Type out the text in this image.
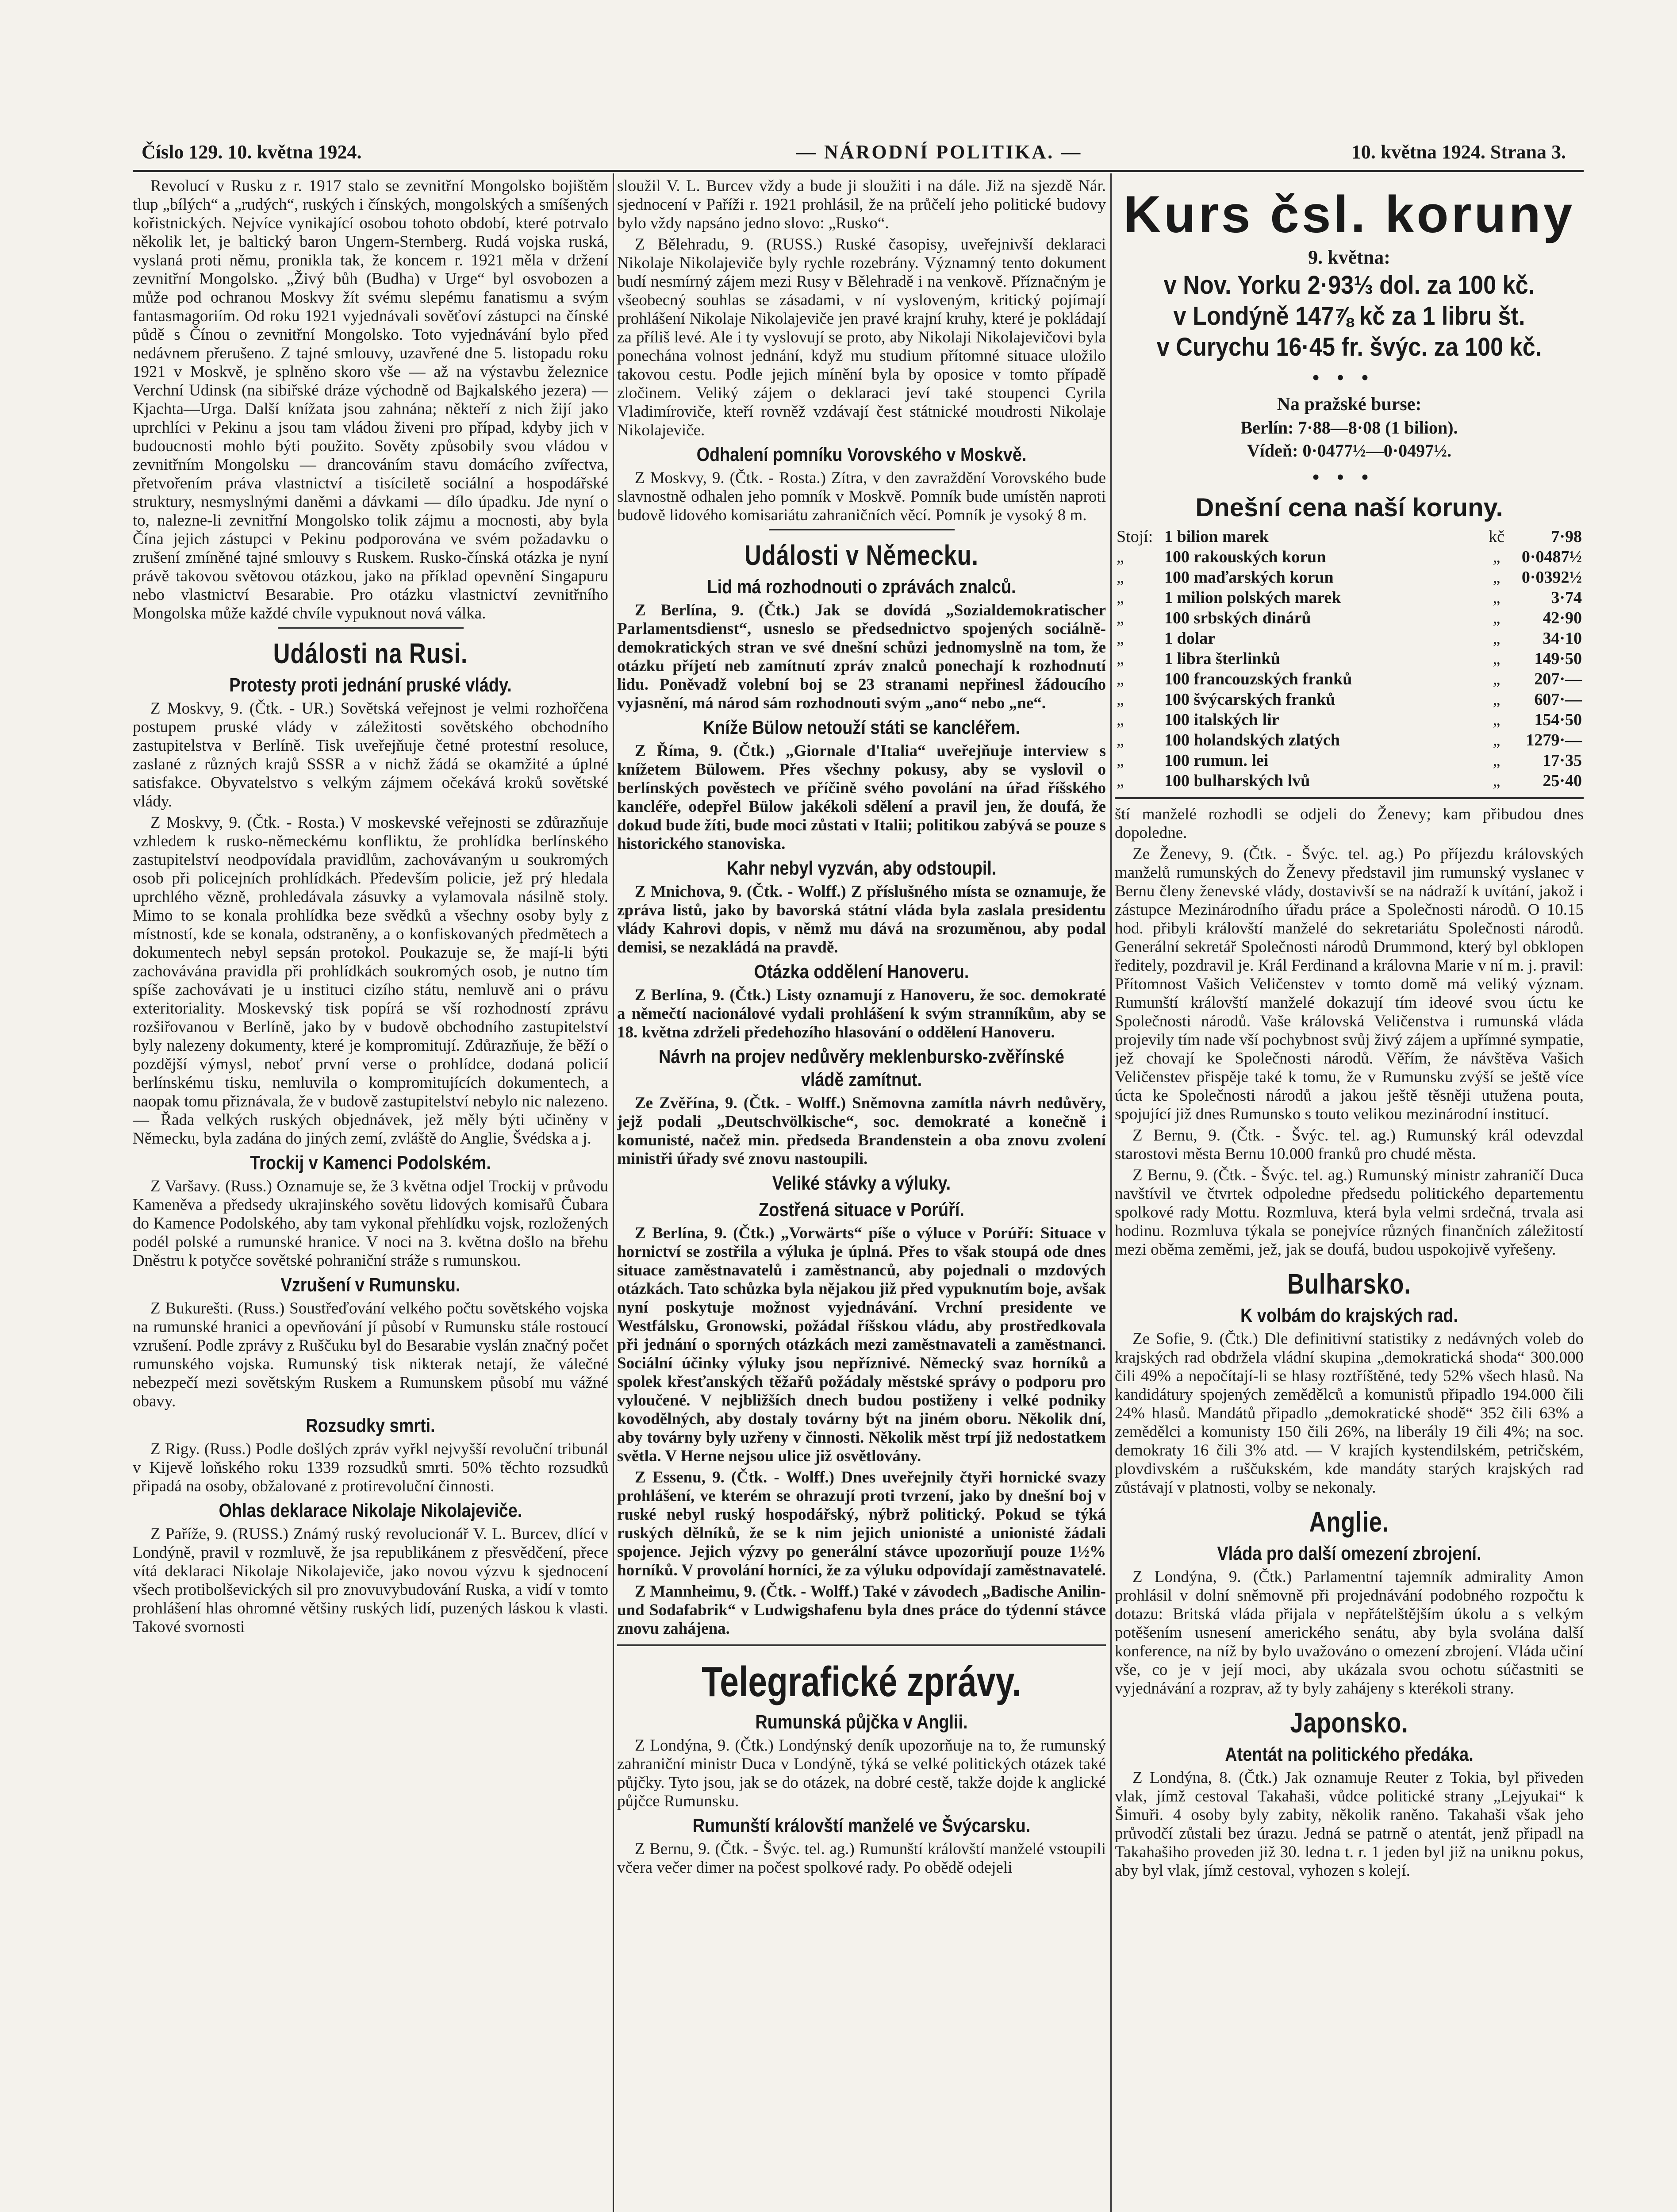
Číslo 129. 10. května 1924.	— NÁRODNÍ POLITIKA. —	10. května 1924. Strana 3.

Revolucí v Rusku z r. 1917 stalo se zevnitřní Mongolsko bojištěm tlup „bílých“ a „rudých“, ruských i čínských, mongolských a smíšených kořistnických. Nejvíce vynikající osobou tohoto období, které potrvalo několik let, je baltický baron Ungern-Sternberg. Rudá vojska ruská, vyslaná proti němu, pronikla tak, že koncem r. 1921 měla v držení zevnitřní Mongolsko. „Živý bůh (Budha) v Urge“ byl osvobozen a může pod ochranou Moskvy žít svému slepému fanatismu a svým fantasmagoriím. Od roku 1921 vyjednávali sověťoví zástupci na čínské půdě s Čínou o zevnitřní Mongolsko. Toto vyjednávání bylo před nedávnem přerušeno. Z tajné smlouvy, uzavřené dne 5. listopadu roku 1921 v Moskvě, je splněno skoro vše — až na výstavbu železnice Verchní Udinsk (na sibiřské dráze východně od Bajkalského jezera) — Kjachta—Urga. Další knížata jsou zahnána; někteří z nich žijí jako uprchlíci v Pekinu a jsou tam vládou živeni pro případ, kdyby jich v budoucnosti mohlo býti použito. Sověty způsobily svou vládou v zevnitřním Mongolsku — drancováním stavu domácího zvířectva, přetvořením práva vlastnictví a tisíciletě sociální a hospodářské struktury, nesmyslnými daněmi a dávkami — dílo úpadku. Jde nyní o to, nalezne-li zevnitřní Mongolsko tolik zájmu a mocnosti, aby byla Čína jejich zástupci v Pekinu podporována ve svém požadavku o zrušení zmíněné tajné smlouvy s Ruskem. Rusko-čínská otázka je nyní právě takovou světovou otázkou, jako na příklad opevnění Singapuru nebo vlastnictví Besarabie. Pro otázku vlastnictví zevnitřního Mongolska může každé chvíle vypuknout nová válka.

Události na Rusi.
Protesty proti jednání pruské vlády.

Z Moskvy, 9. (Čtk. - UR.) Sovětská veřejnost je velmi rozhořčena postupem pruské vlády v záležitosti sovětského obchodního zastupitelstva v Berlíně. Tisk uveřejňuje četné protestní resoluce, zaslané z různých krajů SSSR a v nichž žádá se okamžité a úplné satisfakce. Obyvatelstvo s velkým zájmem očekává kroků sovětské vlády.

Z Moskvy, 9. (Čtk. - Rosta.) V moskevské veřejnosti se zdůrazňuje vzhledem k rusko-německému konfliktu, že prohlídka berlínského zastupitelství neodpovídala pravidlům, zachovávaným u soukromých osob při policejních prohlídkách. Především policie, jež prý hledala uprchlého vězně, prohledávala zásuvky a vylamovala násilně stoly. Mimo to se konala prohlídka beze svědků a všechny osoby byly z místností, kde se konala, odstraněny, a o konfiskovaných předmětech a dokumentech nebyl sepsán protokol. Poukazuje se, že mají-li býti zachovávána pravidla při prohlídkách soukromých osob, je nutno tím spíše zachovávati je u instituci cizího státu, nemluvě ani o právu exteritoriality. Moskevský tisk popírá se vší rozhodností zprávu rozšiřovanou v Berlíně, jako by v budově obchodního zastupitelství byly nalezeny dokumenty, které je kompromitují. Zdůrazňuje, že běží o pozdější výmysl, neboť první verse o prohlídce, dodaná policií berlínskému tisku, nemluvila o kompromitujících dokumentech, a naopak tomu přiznávala, že v budově zastupitelství nebylo nic nalezeno. — Řada velkých ruských objednávek, jež měly býti učiněny v Německu, byla zadána do jiných zemí, zvláště do Anglie, Švédska a j.

Trockij v Kamenci Podolském.

Z Varšavy. (Russ.) Oznamuje se, že 3 května odjel Trockij v průvodu Kameněva a předsedy ukrajinského sovětu lidových komisařů Čubara do Kamence Podolského, aby tam vykonal přehlídku vojsk, rozložených podél polské a rumunské hranice. V noci na 3. května došlo na břehu Dněstru k potyčce sovětské pohraniční stráže s rumunskou.

Vzrušení v Rumunsku.

Z Bukurešti. (Russ.) Soustřeďování velkého počtu sovětského vojska na rumunské hranici a opevňování jí působí v Rumunsku stále rostoucí vzrušení. Podle zprávy z Ruščuku byl do Besarabie vyslán značný počet rumunského vojska. Rumunský tisk nikterak netají, že válečné nebezpečí mezi sovětským Ruskem a Rumunskem působí mu vážné obavy.

Rozsudky smrti.

Z Rigy. (Russ.) Podle došlých zpráv vyřkl nejvyšší revoluční tribunál v Kijevě loňského roku 1339 rozsudků smrti. 50% těchto rozsudků připadá na osoby, obžalované z protirevoluční činnosti.

Ohlas deklarace Nikolaje Nikolajeviče.

Z Paříže, 9. (RUSS.) Známý ruský revolucionář V. L. Burcev, dlící v Londýně, pravil v rozmluvě, že jsa republikánem z přesvědčení, přece vítá deklaraci Nikolaje Nikolajeviče, jako novou výzvu k sjednocení všech protibolševických sil pro znovuvybudování Ruska, a vidí v tomto prohlášení hlas ohromné většiny ruských lidí, puzených láskou k vlasti. Takové svornosti

sloužil V. L. Burcev vždy a bude ji sloužiti i na dále. Již na sjezdě Nár. sjednocení v Paříži r. 1921 prohlásil, že na průčelí jeho politické budovy bylo vždy napsáno jedno slovo: „Rusko“.

Z Bělehradu, 9. (RUSS.) Ruské časopisy, uveřejnivší deklaraci Nikolaje Nikolajeviče byly rychle rozebrány. Významný tento dokument budí nesmírný zájem mezi Rusy v Bělehradě i na venkově. Příznačným je všeobecný souhlas se zásadami, v ní vysloveným, kritický pojímají prohlášení Nikolaje Nikolajeviče jen pravé krajní kruhy, které je pokládají za příliš levé. Ale i ty vyslovují se proto, aby Nikolaji Nikolajevičovi byla ponechána volnost jednání, když mu studium přítomné situace uložilo takovou cestu. Podle jejich mínění byla by oposice v tomto případě zločinem. Veliký zájem o deklaraci jeví také stoupenci Cyrila Vladimíroviče, kteří rovněž vzdávají čest státnické moudrosti Nikolaje Nikolajeviče.

Odhalení pomníku Vorovského v Moskvě.

Z Moskvy, 9. (Čtk. - Rosta.) Zítra, v den zavraždění Vorovského bude slavnostně odhalen jeho pomník v Moskvě. Pomník bude umístěn naproti budově lidového komisariátu zahraničních věcí. Pomník je vysoký 8 m.

Události v Německu.
Lid má rozhodnouti o zprávách znalců.

Z Berlína, 9. (Čtk.) Jak se dovídá „Sozialdemokratischer Parlamentsdienst“, usneslo se předsednictvo spojených sociálně-demokratických stran ve své dnešní schůzi jednomyslně na tom, že otázku příjetí neb zamítnutí zpráv znalců ponechají k rozhodnutí lidu. Poněvadž volební boj se 23 stranami nepřinesl žádoucího vyjasnění, má národ sám rozhodnouti svým „ano“ nebo „ne“.

Kníže Bülow netouží státi se kancléřem.

Z Říma, 9. (Čtk.) „Giornale d'Italia“ uveřejňuje interview s knížetem Bülowem. Přes všechny pokusy, aby se vyslovil o berlínských pověstech ve příčině svého povolání na úřad říšského kancléře, odepřel Bülow jakékoli sdělení a pravil jen, že doufá, že dokud bude žíti, bude moci zůstati v Italii; politikou zabývá se pouze s historického stanoviska.

Kahr nebyl vyzván, aby odstoupil.

Z Mnichova, 9. (Čtk. - Wolff.) Z příslušného místa se oznamuje, že zpráva listů, jako by bavorská státní vláda byla zaslala presidentu vlády Kahrovi dopis, v němž mu dává na srozuměnou, aby podal demisi, se nezakládá na pravdě.

Otázka oddělení Hanoveru.

Z Berlína, 9. (Čtk.) Listy oznamují z Hanoveru, že soc. demokraté a němečtí nacionálové vydali prohlášení k svým stranníkům, aby se 18. května zdrželi předehozího hlasování o oddělení Hanoveru.

Návrh na projev nedůvěry meklenbursko-zvěřínské vládě zamítnut.

Ze Zvěřína, 9. (Čtk. - Wolff.) Sněmovna zamítla návrh nedůvěry, jejž podali „Deutschvölkische“, soc. demokraté a konečně i komunisté, načež min. předseda Brandenstein a oba znovu zvolení ministři úřady své znovu nastoupili.

Veliké stávky a výluky.
Zostřená situace v Porúří.

Z Berlína, 9. (Čtk.) „Vorwärts“ píše o výluce v Porúří: Situace v hornictví se zostřila a výluka je úplná. Přes to však stoupá ode dnes situace zaměstnavatelů i zaměstnanců, aby pojednali o mzdových otázkách. Tato schůzka byla nějakou již před vypuknutím boje, avšak nyní poskytuje možnost vyjednávání. Vrchní presidente ve Westfálsku, Gronowski, požádal říšskou vládu, aby prostředkovala při jednání o sporných otázkách mezi zaměstnavateli a zaměstnanci. Sociální účinky výluky jsou nepříznivé. Německý svaz horníků a spolek křesťanských těžařů požádaly městské správy o podporu pro vyloučené. V nejbližších dnech budou postiženy i velké podniky kovodělných, aby dostaly továrny být na jiném oboru. Několik dní, aby továrny byly uzřeny v činnosti. Několik měst trpí již nedostatkem světla. V Herne nejsou ulice již osvětlovány.

Z Essenu, 9. (Čtk. - Wolff.) Dnes uveřejnily čtyři hornické svazy prohlášení, ve kterém se ohrazují proti tvrzení, jako by dnešní boj v ruské nebyl ruský hospodářský, nýbrž politický. Pokud se týká ruských dělníků, že se k nim jejich unionisté a unionisté žádali spojence. Jejich výzvy po generální stávce upozorňují pouze 1½% horníků. V provolání horníci, že za výluku odpovídají zaměstnavatelé.

Z Mannheimu, 9. (Čtk. - Wolff.) Také v závodech „Badische Anilin- und Sodafabrik“ v Ludwigshafenu byla dnes práce do týdenní stávce znovu zahájena.

Telegrafické zprávy.
Rumunská půjčka v Anglii.

Z Londýna, 9. (Čtk.) Londýnský deník upozorňuje na to, že rumunský zahraniční ministr Duca v Londýně, týká se velké politických otázek také půjčky. Tyto jsou, jak se do otázek, na dobré cestě, takže dojde k anglické půjčce Rumunsku.

Rumunští královští manželé ve Švýcarsku.

Z Bernu, 9. (Čtk. - Švýc. tel. ag.) Rumunští královští manželé vstoupili včera večer dimer na počest spolkové rady. Po obědě odejeli

Kurs čsl. koruny
9. května:
v Nov. Yorku 2·93⅓ dol. za 100 kč.
v Londýně 147⅞ kč za 1 libru št.
v Curychu 16·45 fr. švýc. za 100 kč.
•••
Na pražské burse:
Berlín: 7·88—8·08 (1 bilion).
Vídeň: 0·0477½—0·0497½.
•••
Dnešní cena naší koruny.
Stojí:	1 bilion marek	kč	7·98
„	100 rakouských korun	„	0·0487½
„	100 maďarských korun	„	0·0392½
„	1 milion polských marek	„	3·74
„	100 srbských dinárů	„	42·90
„	1 dolar	„	34·10
„	1 libra šterlinků	„	149·50
„	100 francouzských franků	„	207·—
„	100 švýcarských franků	„	607·—
„	100 italských lir	„	154·50
„	100 holandských zlatých	„	1279·—
„	100 rumun. lei	„	17·35
„	100 bulharských lvů	„	25·40

ští manželé rozhodli se odjeli do Ženevy; kam přibudou dnes dopoledne.

Ze Ženevy, 9. (Čtk. - Švýc. tel. ag.) Po příjezdu královských manželů rumunských do Ženevy představil jim rumunský vyslanec v Bernu členy ženevské vlády, dostavivší se na nádraží k uvítání, jakož i zástupce Mezinárodního úřadu práce a Společnosti národů. O 10.15 hod. přibyli královští manželé do sekretariátu Společnosti národů. Generální sekretář Společnosti národů Drummond, který byl obklopen ředitely, pozdravil je. Král Ferdinand a královna Marie v ní m. j. pravil: Přítomnost Vašich Veličenstev v tomto domě má veliký význam. Rumunští královští manželé dokazují tím ideové svou úctu ke Společnosti národů. Vaše královská Veličenstva i rumunská vláda projevily tím nade vší pochybnost svůj živý zájem a upřímné sympatie, jež chovají ke Společnosti národů. Věřím, že návštěva Vašich Veličenstev přispěje také k tomu, že v Rumunsku zvýší se ještě více úcta ke Společnosti národů a jakou ještě těsněji utužena pouta, spojující již dnes Rumunsko s touto velikou mezinárodní institucí.

Z Bernu, 9. (Čtk. - Švýc. tel. ag.) Rumunský král odevzdal starostovi města Bernu 10.000 franků pro chudé města.

Z Bernu, 9. (Čtk. - Švýc. tel. ag.) Rumunský ministr zahraničí Duca navštívil ve čtvrtek odpoledne předsedu politického departementu spolkové rady Mottu. Rozmluva, která byla velmi srdečná, trvala asi hodinu. Rozmluva týkala se ponejvíce různých finančních záležitostí mezi oběma zeměmi, jež, jak se doufá, budou uspokojivě vyřešeny.

Bulharsko.
K volbám do krajských rad.

Ze Sofie, 9. (Čtk.) Dle definitivní statistiky z nedávných voleb do krajských rad obdržela vládní skupina „demokratická shoda“ 300.000 čili 49% a nepočítají-li se hlasy roztříštěné, tedy 52% všech hlasů. Na kandidátury spojených zemědělců a komunistů připadlo 194.000 čili 24% hlasů. Mandátů připadlo „demokratické shodě“ 352 čili 63% a zemědělci a komunisty 150 čili 26%, na liberály 19 čili 4%; na soc. demokraty 16 čili 3% atd. — V krajích kystendilském, petričském, plovdivském a ruščukském, kde mandáty starých krajských rad zůstávají v platnosti, volby se nekonaly.

Anglie.
Vláda pro další omezení zbrojení.

Z Londýna, 9. (Čtk.) Parlamentní tajemník admirality Amon prohlásil v dolní sněmovně při projednávání podobného rozpočtu k dotazu: Britská vláda přijala v nepřátelštějším úkolu a s velkým potěšením usnesení amerického senátu, aby byla svolána další konference, na níž by bylo uvažováno o omezení zbrojení. Vláda učiní vše, co je v její moci, aby ukázala svou ochotu súčastniti se vyjednávání a rozprav, až ty byly zahájeny s kterékoli strany.

Japonsko.
Atentát na politického předáka.

Z Londýna, 8. (Čtk.) Jak oznamuje Reuter z Tokia, byl přiveden vlak, jímž cestoval Takahaši, vůdce politické strany „Lejyukai“ k Šimuři. 4 osoby byly zabity, několik raněno. Takahaši však jeho průvodčí zůstali bez úrazu. Jedná se patrně o atentát, jenž připadl na Takahašiho proveden již 30. ledna t. r. 1 jeden byl již na uniknu pokus, aby byl vlak, jímž cestoval, vyhozen s kolejí.
